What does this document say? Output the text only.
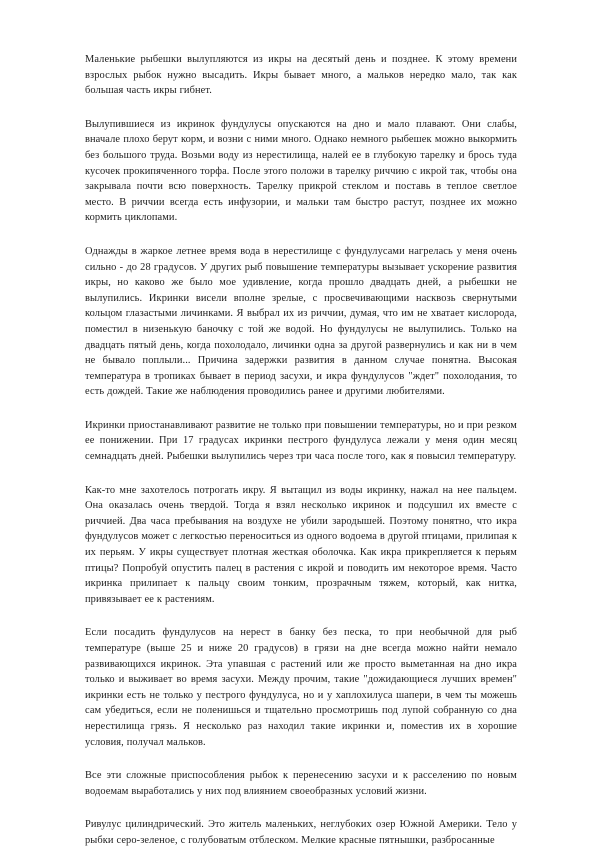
Маленькие рыбешки вылупляются из икры на десятый день и позднее. К этому времени взрослых рыбок нужно высадить. Икры бывает много, а мальков нередко мало, так как большая часть икры гибнет.

Вылупившиеся из икринок фундулусы опускаются на дно и мало плавают. Они слабы, вначале плохо берут корм, и возни с ними много. Однако немного рыбешек можно выкормить без большого труда. Возьми воду из нерестилища, налей ее в глубокую тарелку и брось туда кусочек прокипяченного торфа. После этого положи в тарелку риччию с икрой так, чтобы она закрывала почти всю поверхность. Тарелку прикрой стеклом и поставь в теплое светлое место. В риччии всегда есть инфузории, и мальки там быстро растут, позднее их можно кормить циклопами.

Однажды в жаркое летнее время вода в нерестилище с фундулусами нагрелась у меня очень сильно - до 28 градусов. У других рыб повышение температуры вызывает ускорение развития икры, но каково же было мое удивление, когда прошло двадцать дней, а рыбешки не вылупились. Икринки висели вполне зрелые, с просвечивающими насквозь свернутыми кольцом глазастыми личинками. Я выбрал их из риччии, думая, что им не хватает кислорода, поместил в низенькую баночку с той же водой. Но фундулусы не вылупились. Только на двадцать пятый день, когда похолодало, личинки одна за другой развернулись и как ни в чем не бывало поплыли... Причина задержки развития в данном случае понятна. Высокая температура в тропиках бывает в период засухи, и икра фундулусов "ждет" похолодания, то есть дождей. Такие же наблюдения проводились ранее и другими любителями.

Икринки приостанавливают развитие не только при повышении температуры, но и при резком ее понижении. При 17 градусах икринки пестрого фундулуса лежали у меня один месяц семнадцать дней. Рыбешки вылупились через три часа после того, как я повысил температуру.

Как-то мне захотелось потрогать икру. Я вытащил из воды икринку, нажал на нее пальцем. Она оказалась очень твердой. Тогда я взял несколько икринок и подсушил их вместе с риччией. Два часа пребывания на воздухе не убили зародышей. Поэтому понятно, что икра фундулусов может с легкостью переноситься из одного водоема в другой птицами, прилипая к их перьям. У икры существует плотная жесткая оболочка. Как икра прикрепляется к перьям птицы? Попробуй опустить палец в растения с икрой и поводить им некоторое время. Часто икринка прилипает к пальцу своим тонким, прозрачным тяжем, который, как нитка, привязывает ее к растениям.

Если посадить фундулусов на нерест в банку без песка, то при необычной для рыб температуре (выше 25 и ниже 20 градусов) в грязи на дне всегда можно найти немало развивающихся икринок. Эта упавшая с растений или же просто выметанная на дно икра только и выживает во время засухи. Между прочим, такие "дожидающиеся лучших времен" икринки есть не только у пестрого фундулуса, но и у хаплохилуса шапери, в чем ты можешь сам убедиться, если не поленишься и тщательно просмотришь под лупой собранную со дна нерестилища грязь. Я несколько раз находил такие икринки и, поместив их в хорошие условия, получал мальков.

Все эти сложные приспособления рыбок к перенесению засухи и к расселению по новым водоемам выработались у них под влиянием своеобразных условий жизни.

Ривулус цилиндрический. Это житель маленьких, неглубоких озер Южной Америки. Тело у рыбки серо-зеленое, с голубоватым отблеском. Мелкие красные пятнышки, разбросанные
